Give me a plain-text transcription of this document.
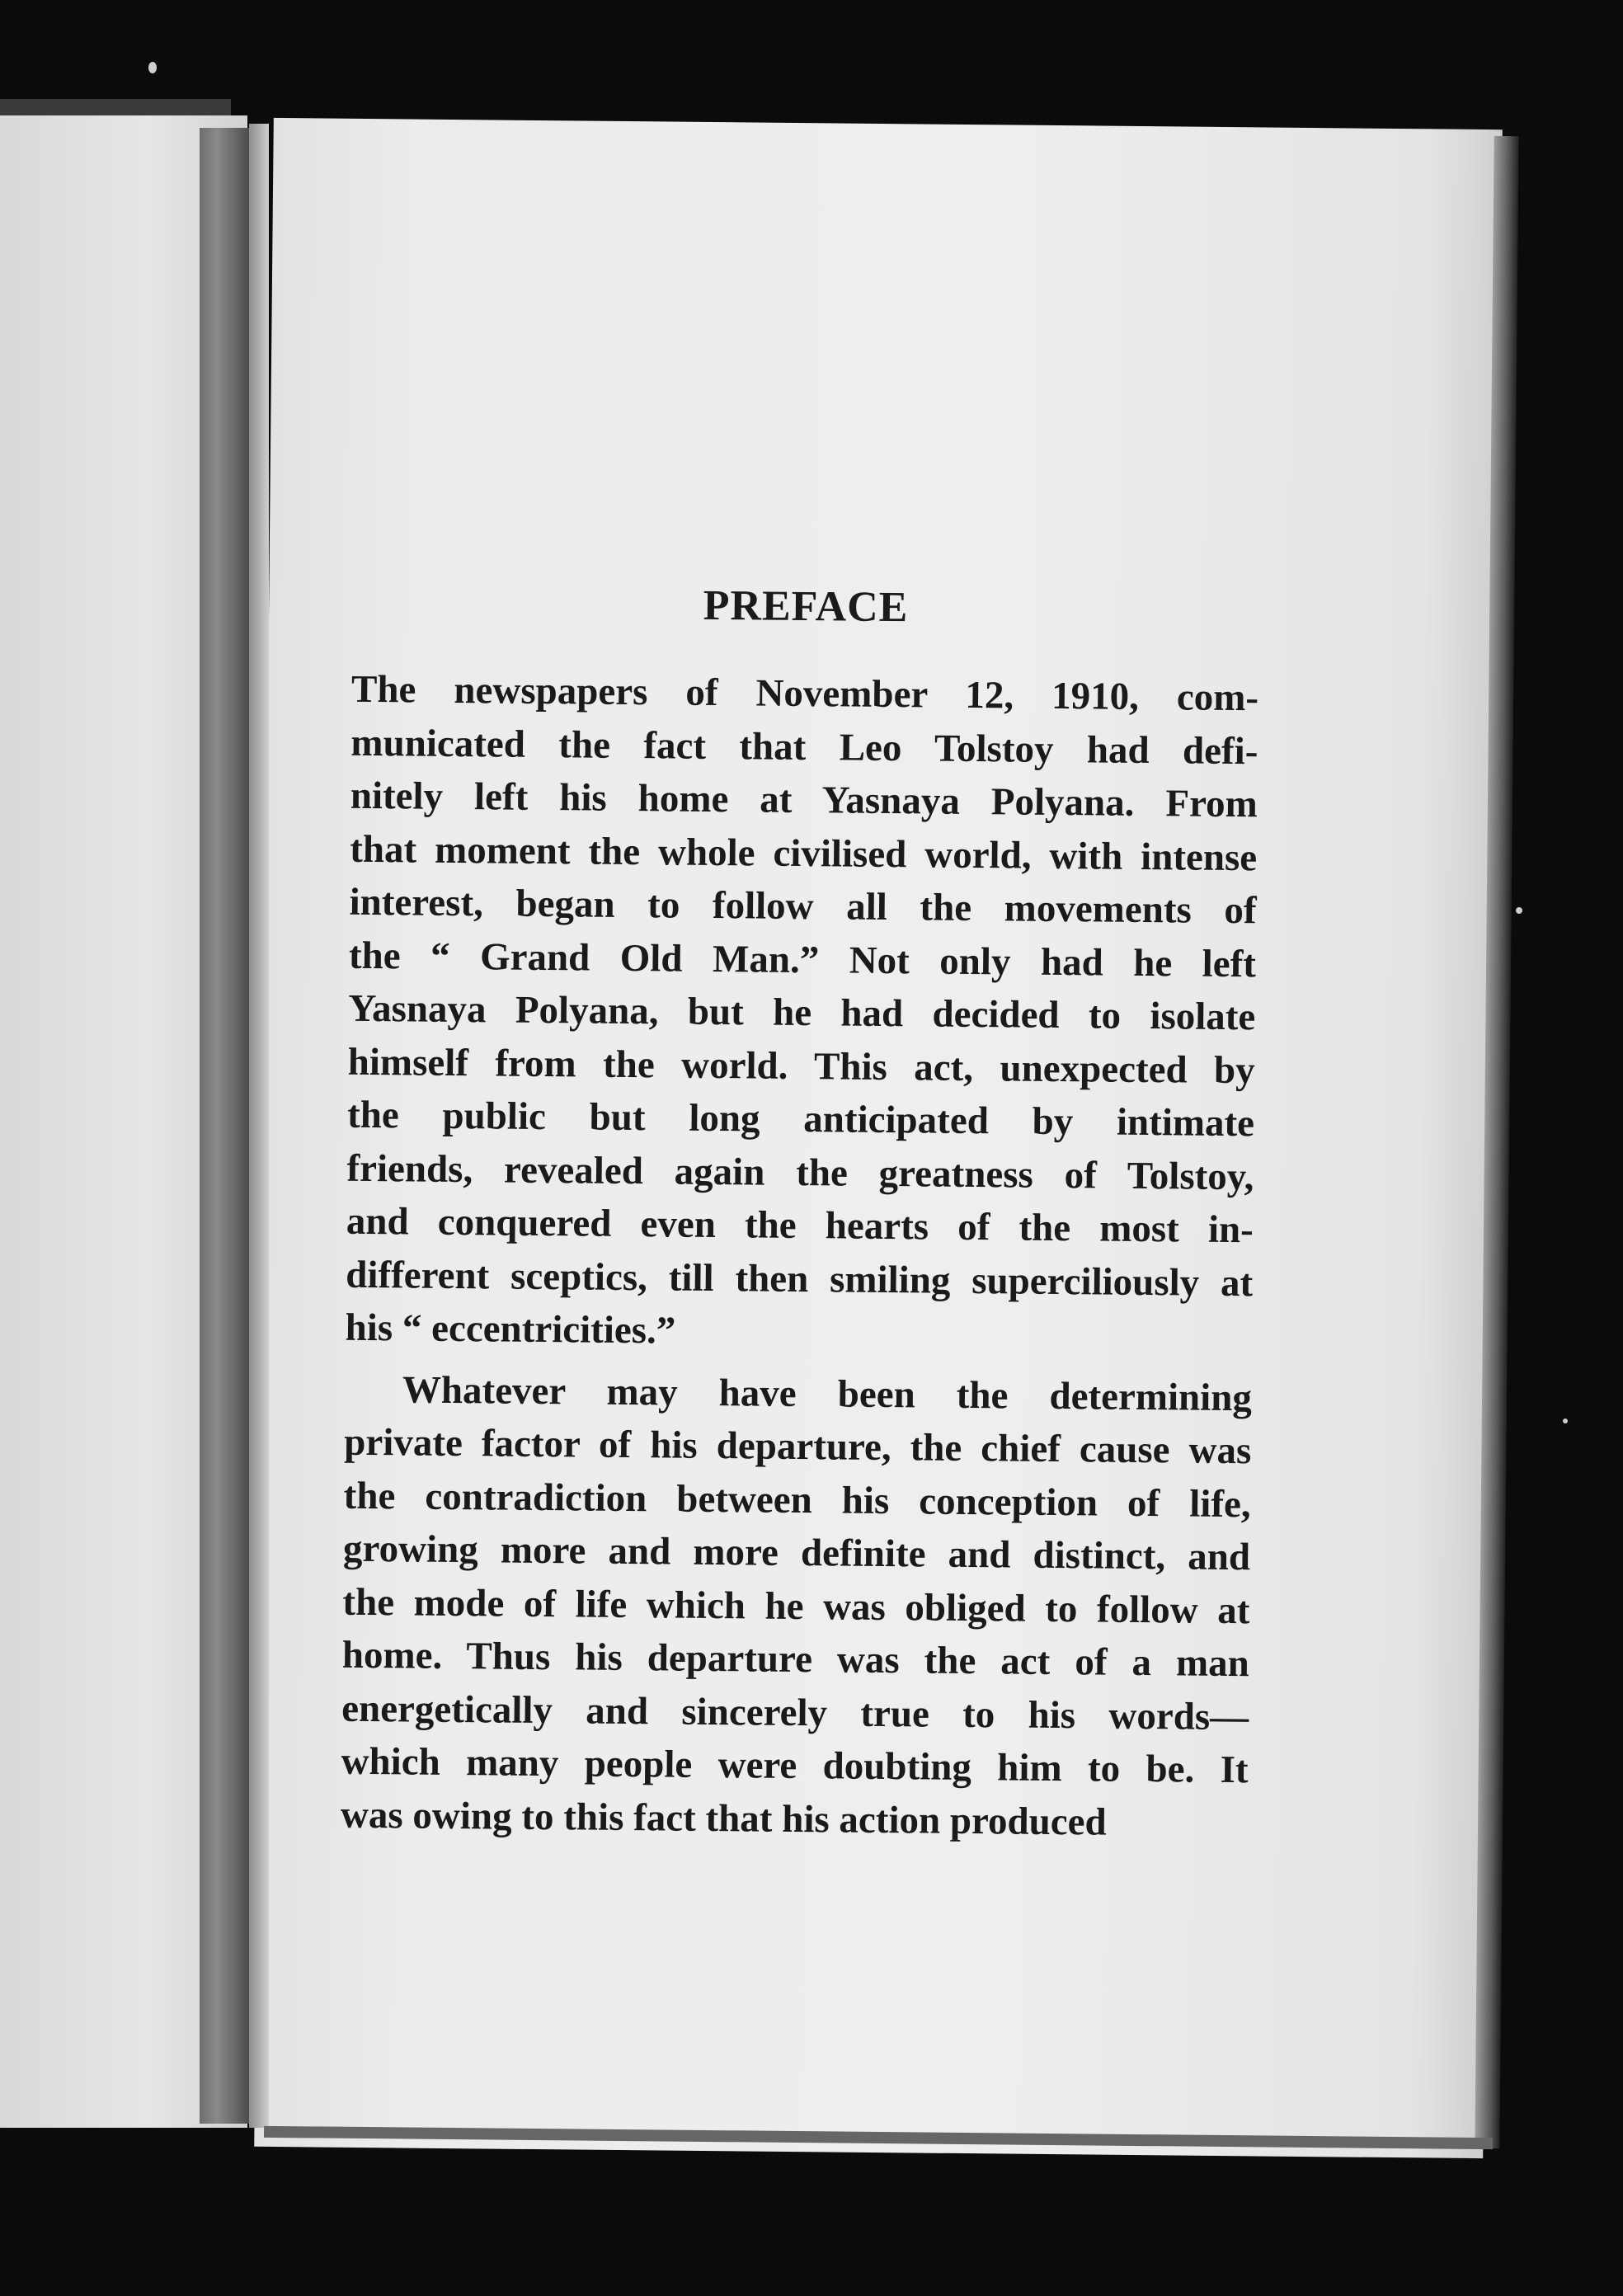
PREFACE

The newspapers of November 12, 1910, com-
municated the fact that Leo Tolstoy had defi-
nitely left his home at Yasnaya Polyana. From
that moment the whole civilised world, with intense
interest, began to follow all the movements of
the “ Grand Old Man.” Not only had he left
Yasnaya Polyana, but he had decided to isolate
himself from the world. This act, unexpected by
the public but long anticipated by intimate
friends, revealed again the greatness of Tolstoy,
and conquered even the hearts of the most in-
different sceptics, till then smiling superciliously at
his “ eccentricities.”

Whatever may have been the determining
private factor of his departure, the chief cause was
the contradiction between his conception of life,
growing more and more definite and distinct, and
the mode of life which he was obliged to follow at
home. Thus his departure was the act of a man
energetically and sincerely true to his words—
which many people were doubting him to be. It
was owing to this fact that his action produced
